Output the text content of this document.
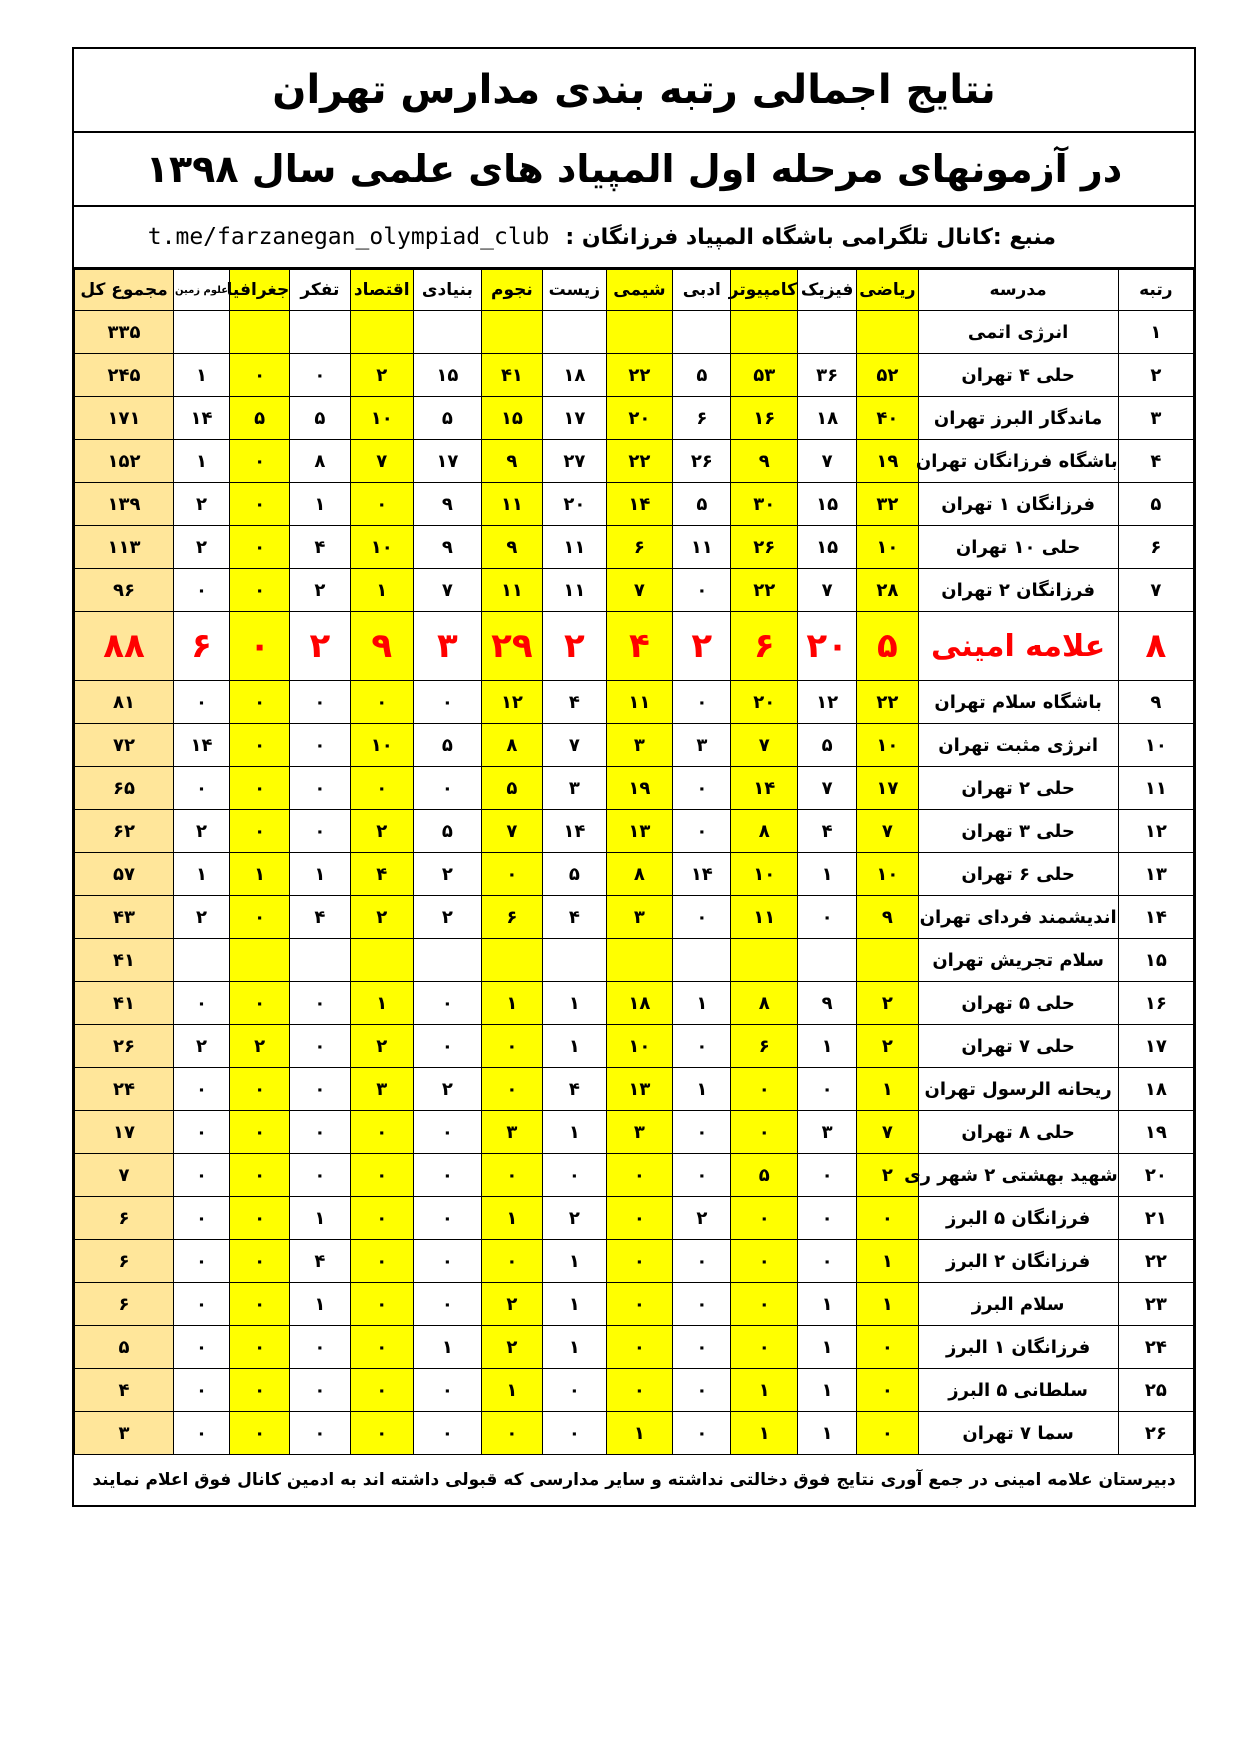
نتایج اجمالی رتبه بندی مدارس تهران
در آزمونهای مرحله اول المپیاد های علمی سال ۱۳۹۸
منبع :کانال تلگرامی باشگاه المپیاد فرزانگان :
t.me/farzanegan_olympiad_club
رتبه	مدرسه	ریاضی	فیزیک	کامپیوتر	ادبی	شیمی	زیست	نجوم	بنیادی	اقتصاد	تفکر	جغرافیا	علوم زمین	مجموع کل
۱	انرژی اتمی													۳۳۵
۲	حلی ۴ تهران	۵۲	۳۶	۵۳	۵	۲۲	۱۸	۴۱	۱۵	۲	۰	۰	۱	۲۴۵
۳	ماندگار البرز تهران	۴۰	۱۸	۱۶	۶	۲۰	۱۷	۱۵	۵	۱۰	۵	۵	۱۴	۱۷۱
۴	باشگاه فرزانگان تهران	۱۹	۷	۹	۲۶	۲۲	۲۷	۹	۱۷	۷	۸	۰	۱	۱۵۲
۵	فرزانگان ۱ تهران	۳۲	۱۵	۳۰	۵	۱۴	۲۰	۱۱	۹	۰	۱	۰	۲	۱۳۹
۶	حلی ۱۰ تهران	۱۰	۱۵	۲۶	۱۱	۶	۱۱	۹	۹	۱۰	۴	۰	۲	۱۱۳
۷	فرزانگان ۲ تهران	۲۸	۷	۲۲	۰	۷	۱۱	۱۱	۷	۱	۲	۰	۰	۹۶
۸	علامه امینی	۵	۲۰	۶	۲	۴	۲	۲۹	۳	۹	۲	۰	۶	۸۸
۹	باشگاه سلام تهران	۲۲	۱۲	۲۰	۰	۱۱	۴	۱۲	۰	۰	۰	۰	۰	۸۱
۱۰	انرژی مثبت تهران	۱۰	۵	۷	۳	۳	۷	۸	۵	۱۰	۰	۰	۱۴	۷۲
۱۱	حلی ۲ تهران	۱۷	۷	۱۴	۰	۱۹	۳	۵	۰	۰	۰	۰	۰	۶۵
۱۲	حلی ۳ تهران	۷	۴	۸	۰	۱۳	۱۴	۷	۵	۲	۰	۰	۲	۶۲
۱۳	حلی ۶ تهران	۱۰	۱	۱۰	۱۴	۸	۵	۰	۲	۴	۱	۱	۱	۵۷
۱۴	اندیشمند فردای تهران	۹	۰	۱۱	۰	۳	۴	۶	۲	۲	۴	۰	۲	۴۳
۱۵	سلام تجریش تهران													۴۱
۱۶	حلی ۵ تهران	۲	۹	۸	۱	۱۸	۱	۱	۰	۱	۰	۰	۰	۴۱
۱۷	حلی ۷ تهران	۲	۱	۶	۰	۱۰	۱	۰	۰	۲	۰	۲	۲	۲۶
۱۸	ریحانه الرسول تهران	۱	۰	۰	۱	۱۳	۴	۰	۲	۳	۰	۰	۰	۲۴
۱۹	حلی ۸ تهران	۷	۳	۰	۰	۳	۱	۳	۰	۰	۰	۰	۰	۱۷
۲۰	شهید بهشتی ۲ شهر ری	۲	۰	۵	۰	۰	۰	۰	۰	۰	۰	۰	۰	۷
۲۱	فرزانگان ۵ البرز	۰	۰	۰	۲	۰	۲	۱	۰	۰	۱	۰	۰	۶
۲۲	فرزانگان ۲ البرز	۱	۰	۰	۰	۰	۱	۰	۰	۰	۴	۰	۰	۶
۲۳	سلام البرز	۱	۱	۰	۰	۰	۱	۲	۰	۰	۱	۰	۰	۶
۲۴	فرزانگان ۱ البرز	۰	۱	۰	۰	۰	۱	۲	۱	۰	۰	۰	۰	۵
۲۵	سلطانی ۵ البرز	۰	۱	۱	۰	۰	۰	۱	۰	۰	۰	۰	۰	۴
۲۶	سما ۷ تهران	۰	۱	۱	۰	۱	۰	۰	۰	۰	۰	۰	۰	۳
دبیرستان علامه امینی در جمع آوری نتایج فوق دخالتی نداشته و سایر مدارسی که قبولی داشته اند به ادمین کانال فوق اعلام نمایند
